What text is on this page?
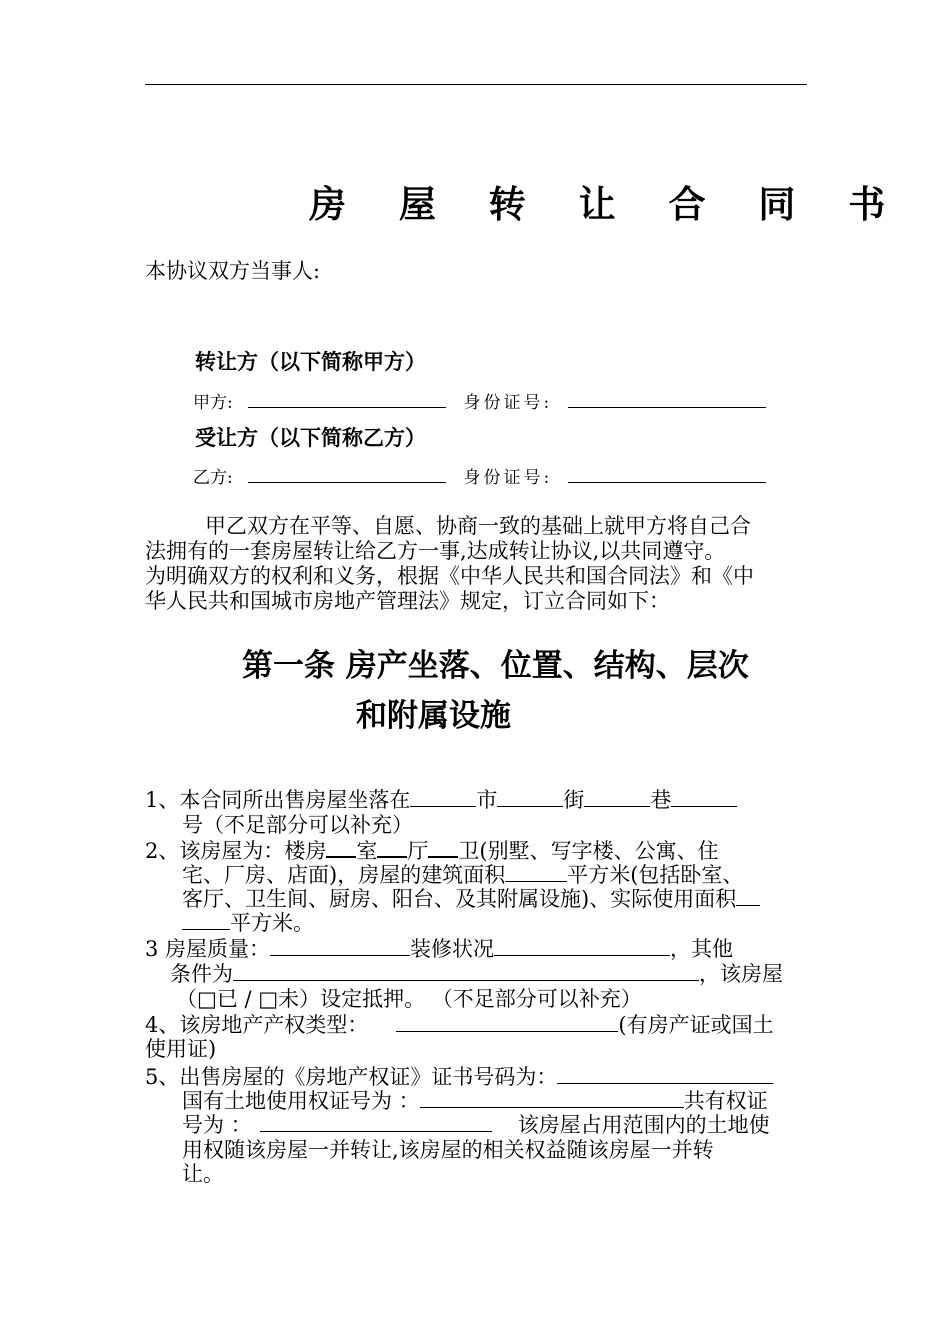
房 屋 转 让 合 同 书
本协议双方当事人:
转让方（以下简称甲方）
甲方:	身份证号:
受让方（以下简称乙方）
乙方:	身份证号:
甲乙双方在平等、自愿、协商一致的基础上就甲方将自己合
法拥有的一套房屋转让给乙方一事,达成转让协议,以共同遵守。
为明确双方的权利和义务，根据《中华人民共和国合同法》和《中
华人民共和国城市房地产管理法》规定，订立合同如下：
第一条 房产坐落、位置、结构、层次
和附属设施
1、本合同所出售房屋坐落在	市	街	巷
号（不足部分可以补充）
2、该房屋为：楼房 室 厅 卫(别墅、写字楼、公寓、住
宅、厂房、店面)，房屋的建筑面积	平方米(包括卧室、
客厅、卫生间、厨房、阳台、及其附属设施)、实际使用面积
平方米。
3 房屋质量：	装修状况	，其他
条件为	，该房屋
（□已 / □未）设定抵押。 （不足部分可以补充）
4、该房地产产权类型：	(有房产证或国土
使用证)
5、出售房屋的《房地产权证》证书号码为：
国有土地使用权证号为 ：	共有权证
号为 ：	该房屋占用范围内的土地使
用权随该房屋一并转让,该房屋的相关权益随该房屋一并转
让。
